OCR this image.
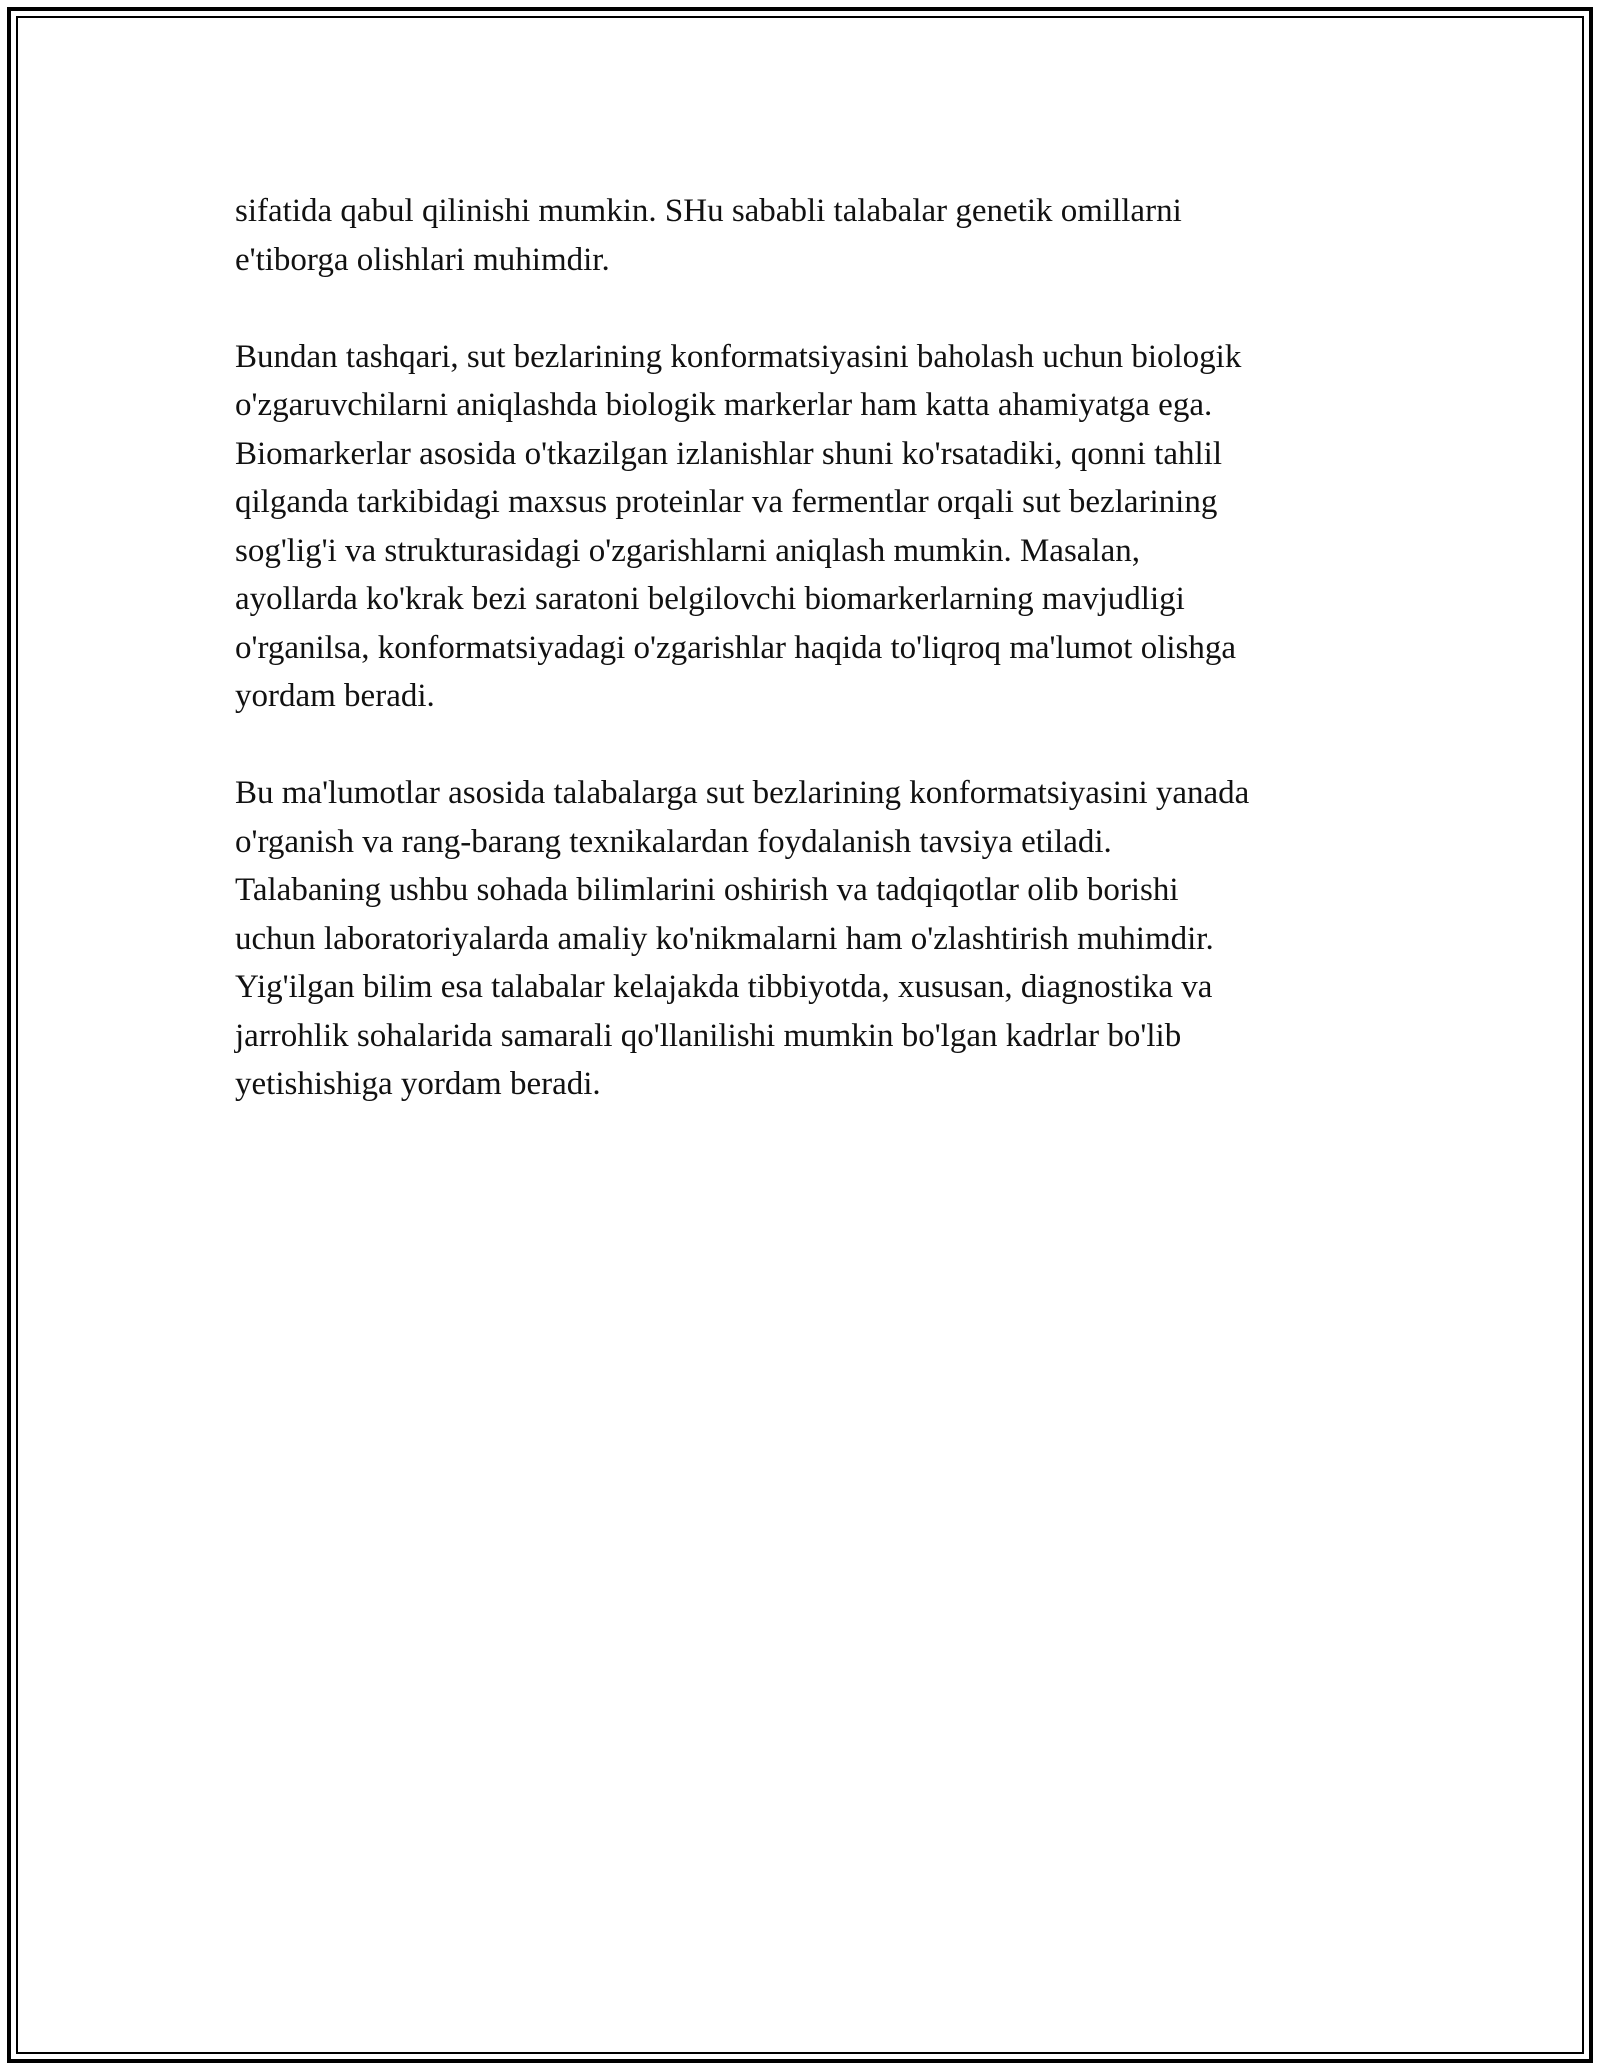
sifatida qabul qilinishi mumkin. SHu sababli talabalar genetik omillarni
e'tiborga olishlari muhimdir.

Bundan tashqari, sut bezlarining konformatsiyasini baholash uchun biologik
o'zgaruvchilarni aniqlashda biologik markerlar ham katta ahamiyatga ega.
Biomarkerlar asosida o'tkazilgan izlanishlar shuni ko'rsatadiki, qonni tahlil
qilganda tarkibidagi maxsus proteinlar va fermentlar orqali sut bezlarining
sog'lig'i va strukturasidagi o'zgarishlarni aniqlash mumkin. Masalan,
ayollarda ko'krak bezi saratoni belgilovchi biomarkerlarning mavjudligi
o'rganilsa, konformatsiyadagi o'zgarishlar haqida to'liqroq ma'lumot olishga
yordam beradi.

Bu ma'lumotlar asosida talabalarga sut bezlarining konformatsiyasini yanada
o'rganish va rang-barang texnikalardan foydalanish tavsiya etiladi.
Talabaning ushbu sohada bilimlarini oshirish va tadqiqotlar olib borishi
uchun laboratoriyalarda amaliy ko'nikmalarni ham o'zlashtirish muhimdir.
Yig'ilgan bilim esa talabalar kelajakda tibbiyotda, xususan, diagnostika va
jarrohlik sohalarida samarali qo'llanilishi mumkin bo'lgan kadrlar bo'lib
yetishishiga yordam beradi.
